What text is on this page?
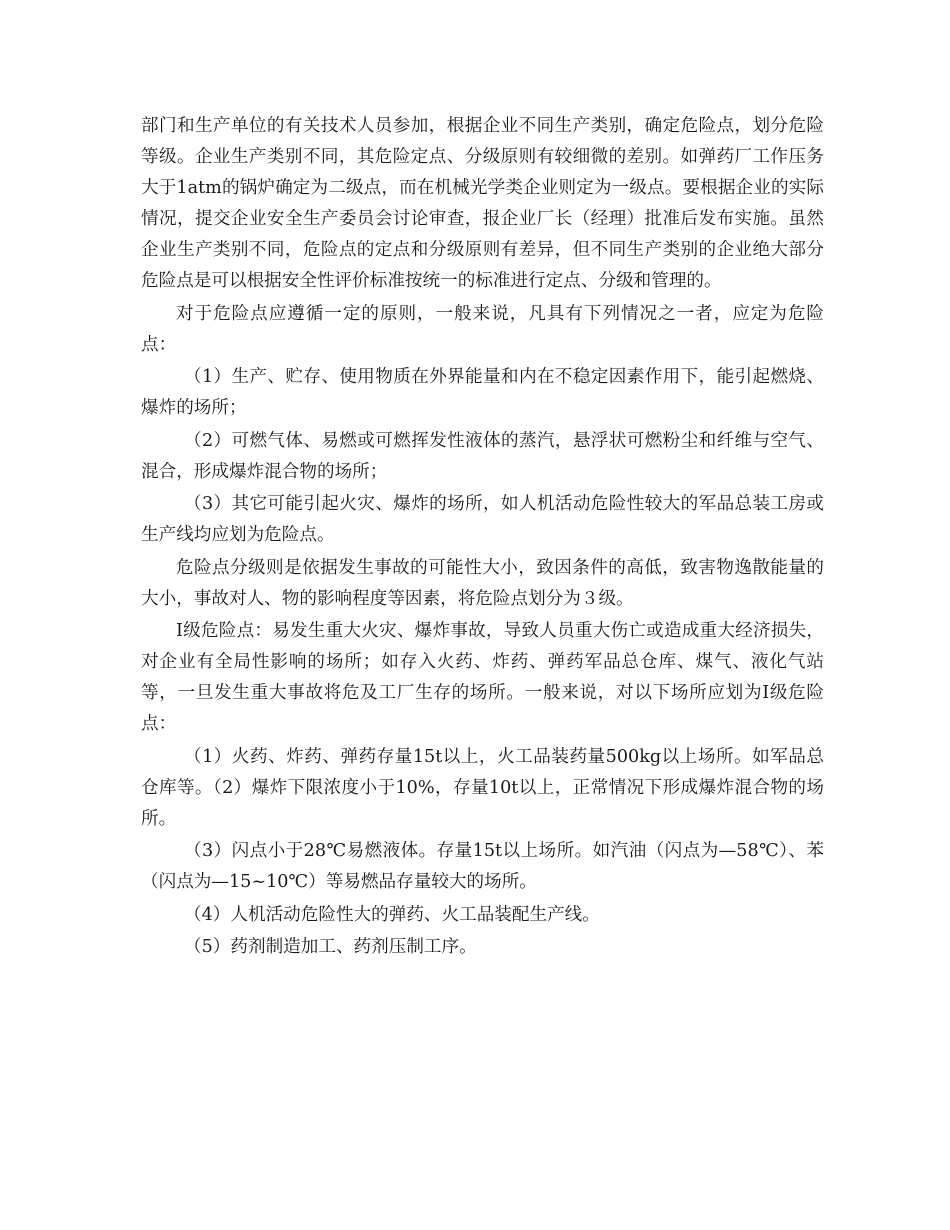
部门和生产单位的有关技术人员参加，根据企业不同生产类别，确定危险点，划分危险等级。企业生产类别不同，其危险定点、分级原则有较细微的差别。如弹药厂工作压务大于1atm的锅炉确定为二级点，而在机械光学类企业则定为一级点。要根据企业的实际情况，提交企业安全生产委员会讨论审查，报企业厂长（经理）批准后发布实施。虽然企业生产类别不同，危险点的定点和分级原则有差异，但不同生产类别的企业绝大部分危险点是可以根据安全性评价标准按统一的标准进行定点、分级和管理的。

对于危险点应遵循一定的原则，一般来说，凡具有下列情况之一者，应定为危险点：

（1）生产、贮存、使用物质在外界能量和内在不稳定因素作用下，能引起燃烧、爆炸的场所；

（2）可燃气体、易燃或可燃挥发性液体的蒸汽，悬浮状可燃粉尘和纤维与空气、混合，形成爆炸混合物的场所；

（3）其它可能引起火灾、爆炸的场所，如人机活动危险性较大的军品总装工房或生产线均应划为危险点。

危险点分级则是依据发生事故的可能性大小，致因条件的高低，致害物逸散能量的大小，事故对人、物的影响程度等因素，将危险点划分为３级。

Ⅰ级危险点：易发生重大火灾、爆炸事故，导致人员重大伤亡或造成重大经济损失，对企业有全局性影响的场所；如存入火药、炸药、弹药军品总仓库、煤气、液化气站等，一旦发生重大事故将危及工厂生存的场所。一般来说，对以下场所应划为Ⅰ级危险点：

（1）火药、炸药、弹药存量15t以上，火工品装药量500kg以上场所。如军品总仓库等。（2）爆炸下限浓度小于10%，存量10t以上，正常情况下形成爆炸混合物的场所。

（3）闪点小于28℃易燃液体。存量15t以上场所。如汽油（闪点为—58℃）、苯（闪点为—15~10℃）等易燃品存量较大的场所。

（4）人机活动危险性大的弹药、火工品装配生产线。

（5）药剂制造加工、药剂压制工序。
